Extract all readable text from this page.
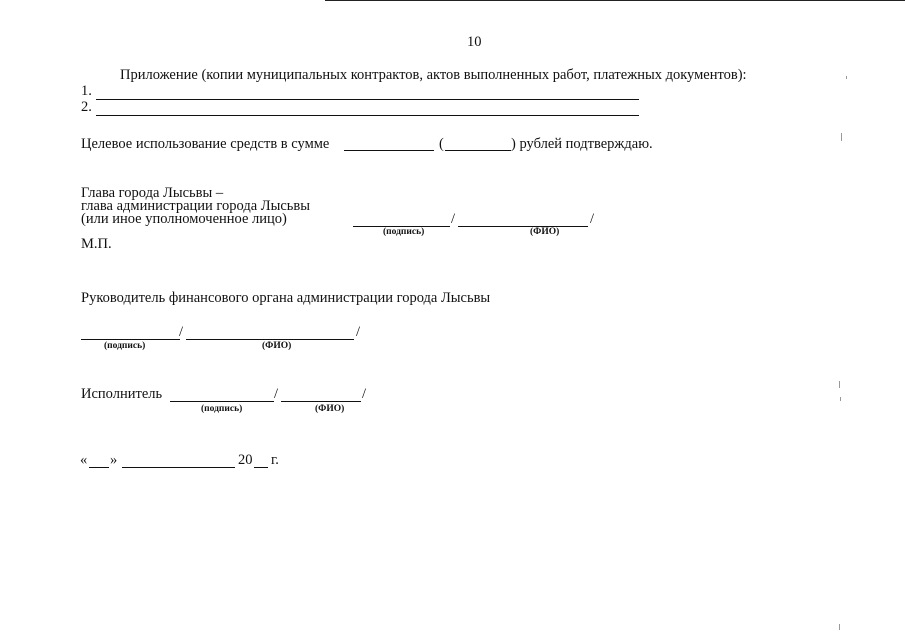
10
Приложение (копии муниципальных контрактов, актов выполненных работ, платежных документов):
1.
2.
Целевое использование средств в сумме	(	) рублей подтверждаю.
Глава города Лысьвы –
глава администрации города Лысьвы
(или иное уполномоченное лицо)	/	/
(подпись)	(ФИО)
М.П.
Руководитель финансового органа администрации города Лысьвы
/	/
(подпись)	(ФИО)
Исполнитель	/	/
(подпись)	(ФИО)
« »	20 г.
